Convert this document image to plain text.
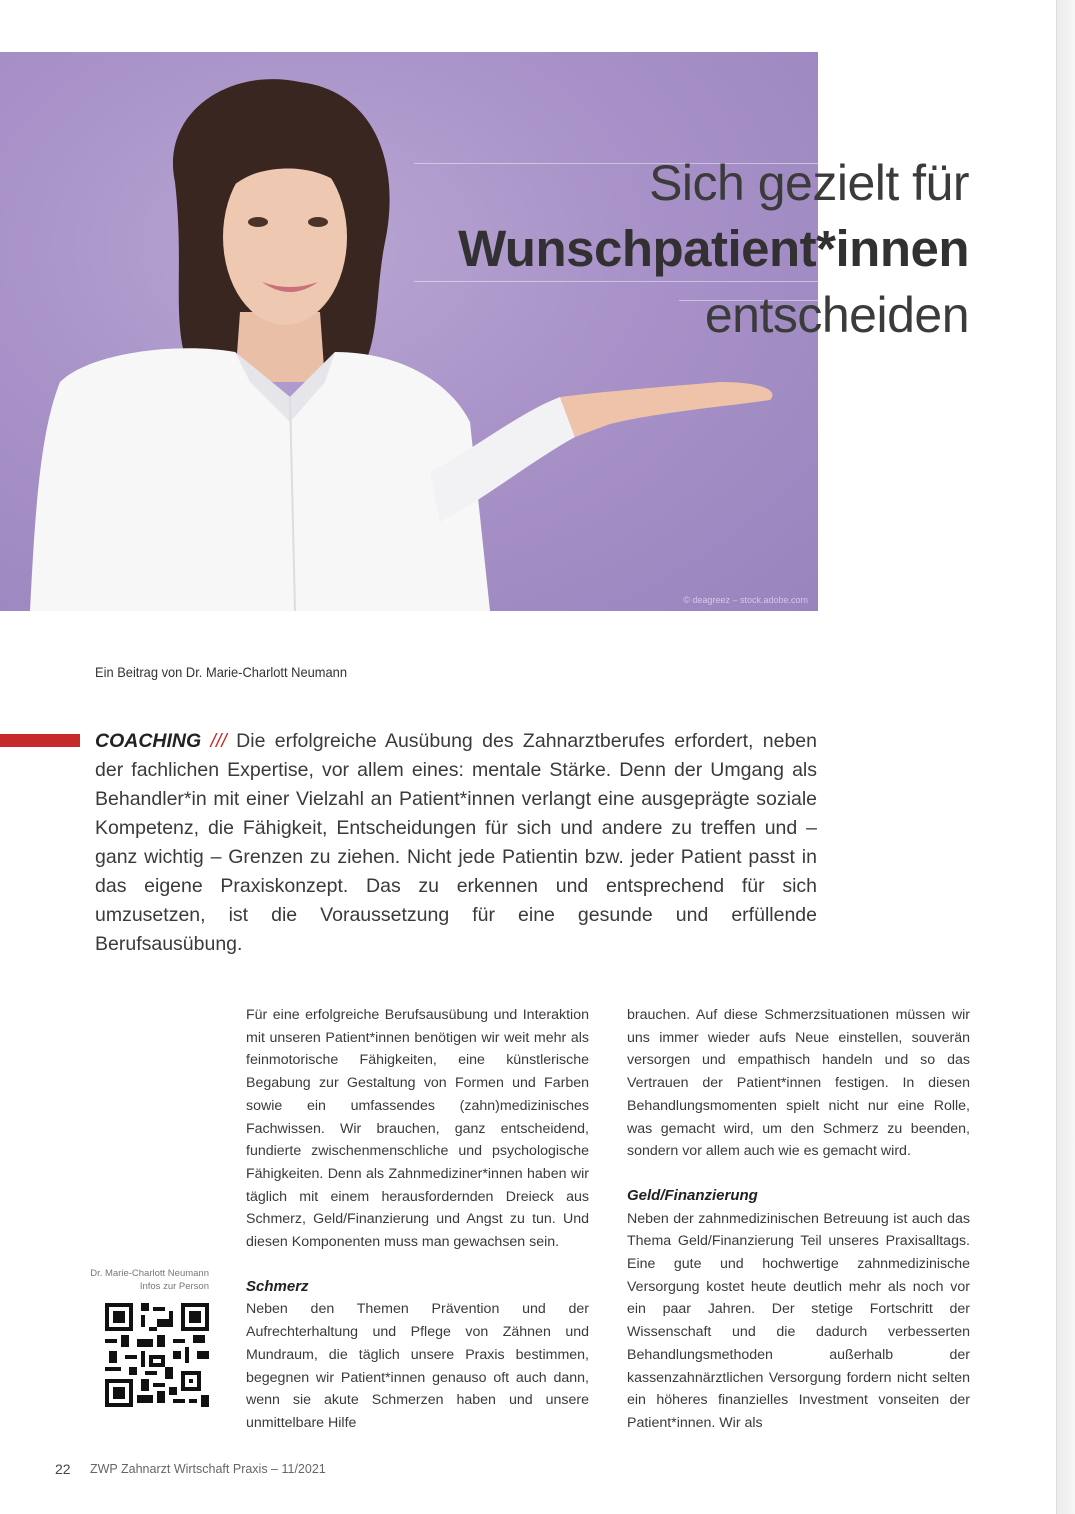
© deagreez – stock.adobe.com
Sich gezielt für
Wunschpatient*innen
entscheiden
Ein Beitrag von Dr. Marie-Charlott Neumann
COACHING /// Die erfolgreiche Ausübung des Zahnarztberufes erfordert, neben der fachlichen Expertise, vor allem eines: mentale Stärke. Denn der Umgang als Behandler*in mit einer Vielzahl an Patient*innen verlangt eine ausgeprägte soziale Kompetenz, die Fähigkeit, Entscheidungen für sich und andere zu treffen und – ganz wichtig – Grenzen zu ziehen. Nicht jede Patientin bzw. jeder Patient passt in das eigene Praxiskonzept. Das zu erkennen und entsprechend für sich umzusetzen, ist die Voraussetzung für eine gesunde und erfüllende Berufsausübung.

Für eine erfolgreiche Berufsausübung und Interaktion mit unseren Patient*innen benötigen wir weit mehr als feinmotorische Fähigkeiten, eine künstlerische Begabung zur Gestaltung von Formen und Farben sowie ein umfassendes (zahn)medizinisches Fachwissen. Wir brauchen, ganz entscheidend, fundierte zwischenmenschliche und psychologische Fähigkeiten. Denn als Zahnmediziner*innen haben wir täglich mit einem herausfordernden Dreieck aus Schmerz, Geld/Finanzierung und Angst zu tun. Und diesen Komponenten muss man gewachsen sein.

Schmerz

Neben den Themen Prävention und der Aufrechterhaltung und Pflege von Zähnen und Mundraum, die täglich unsere Praxis bestimmen, begegnen wir Patient*innen genauso oft auch dann, wenn sie akute Schmerzen haben und unsere unmittelbare Hilfe

brauchen. Auf diese Schmerzsituationen müssen wir uns immer wieder aufs Neue einstellen, souverän versorgen und empathisch handeln und so das Vertrauen der Patient*innen festigen. In diesen Behandlungsmomenten spielt nicht nur eine Rolle, was gemacht wird, um den Schmerz zu beenden, sondern vor allem auch wie es gemacht wird.

Geld/Finanzierung

Neben der zahnmedizinischen Betreuung ist auch das Thema Geld/Finanzierung Teil unseres Praxisalltags. Eine gute und hochwertige zahnmedizinische Versorgung kostet heute deutlich mehr als noch vor ein paar Jahren. Der stetige Fortschritt der Wissenschaft und die dadurch verbesserten Behandlungsmethoden außerhalb der kassenzahnärztlichen Versorgung fordern nicht selten ein höheres finanzielles Investment vonseiten der Patient*innen. Wir als

Dr. Marie-Charlott Neumann
Infos zur Person
22 ZWP Zahnarzt Wirtschaft Praxis – 11/2021
